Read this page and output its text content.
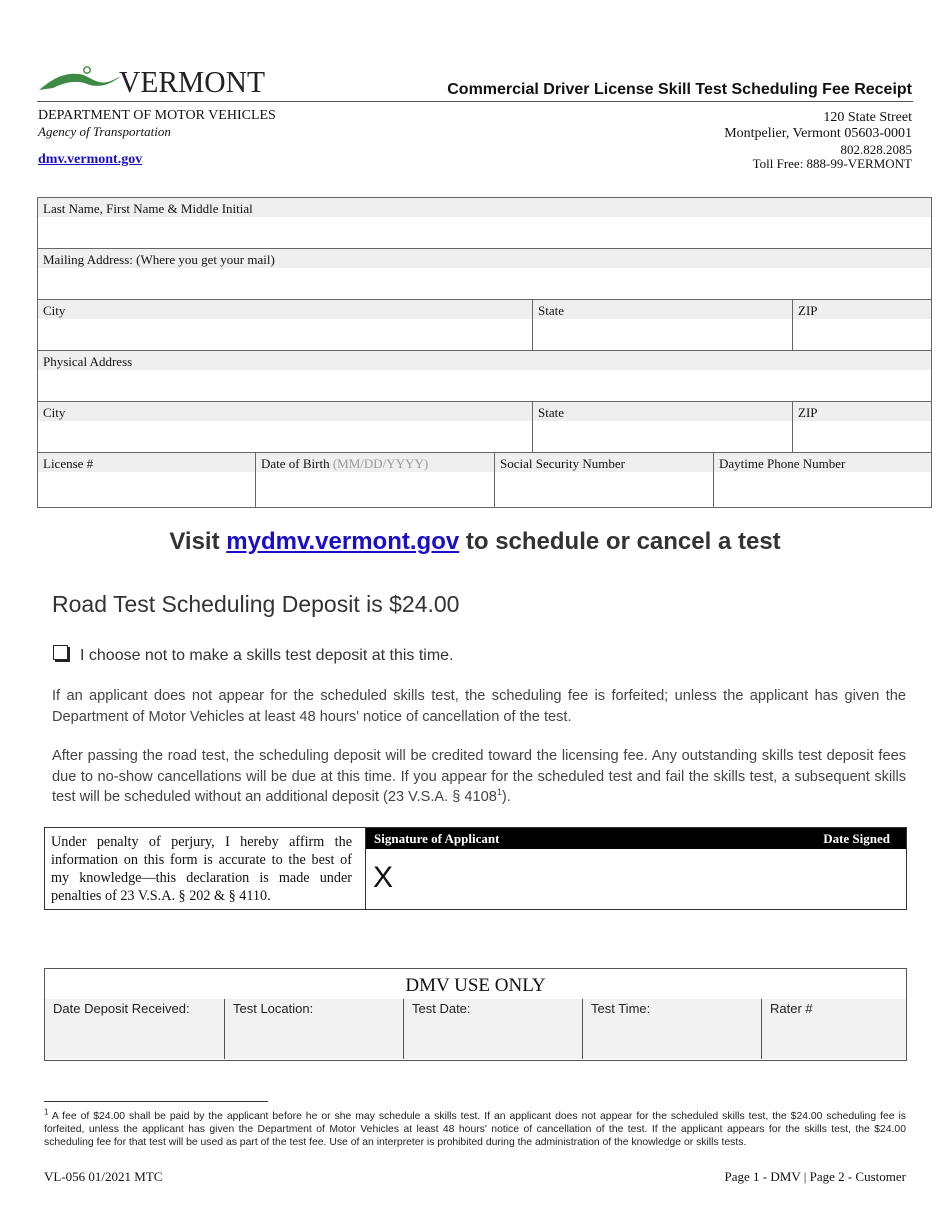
VERMONT	Commercial Driver License Skill Test Scheduling Fee Receipt
DEPARTMENT OF MOTOR VEHICLES
Agency of Transportation
dmv.vermont.gov
120 State Street
Montpelier, Vermont 05603-0001
802.828.2085
Toll Free: 888-99-VERMONT
Last Name, First Name & Middle Initial					

Mailing Address: (Where you get your mail)					

City			State		ZIP

Physical Address					

City			State		ZIP

License #	Date of Birth (MM/DD/YYYY)	Social Security Number		Daytime Phone Number	
Visit mydmv.vermont.gov to schedule or cancel a test
Road Test Scheduling Deposit is $24.00
I choose not to make a skills test deposit at this time.
If an applicant does not appear for the scheduled skills test, the scheduling fee is forfeited; unless the applicant has given the Department of Motor Vehicles at least 48 hours' notice of cancellation of the test.
After passing the road test, the scheduling deposit will be credited toward the licensing fee. Any outstanding skills test deposit fees due to no-show cancellations will be due at this time. If you appear for the scheduled test and fail the skills test, a subsequent skills test will be scheduled without an additional deposit (23 V.S.A. § 4108$^1$).
Under penalty of perjury, I hereby affirm the information on this form is accurate to the best of my knowledge—this declaration is made under penalties of 23 V.S.A. § 202 & § 4110.
Signature of Applicant	Date Signed
X
DMV USE ONLY
Date Deposit Received:	Test Location:	Test Date:	Test Time:	Rater #
$^1$ A fee of $24.00 shall be paid by the applicant before he or she may schedule a skills test. If an applicant does not appear for the scheduled skills test, the $24.00 scheduling fee is forfeited, unless the applicant has given the Department of Motor Vehicles at least 48 hours' notice of cancellation of the test. If the applicant appears for the skills test, the $24.00 scheduling fee for that test will be used as part of the test fee. Use of an interpreter is prohibited during the administration of the knowledge or skills tests.
VL-056 01/2021 MTC	Page 1 - DMV | Page 2 - Customer
